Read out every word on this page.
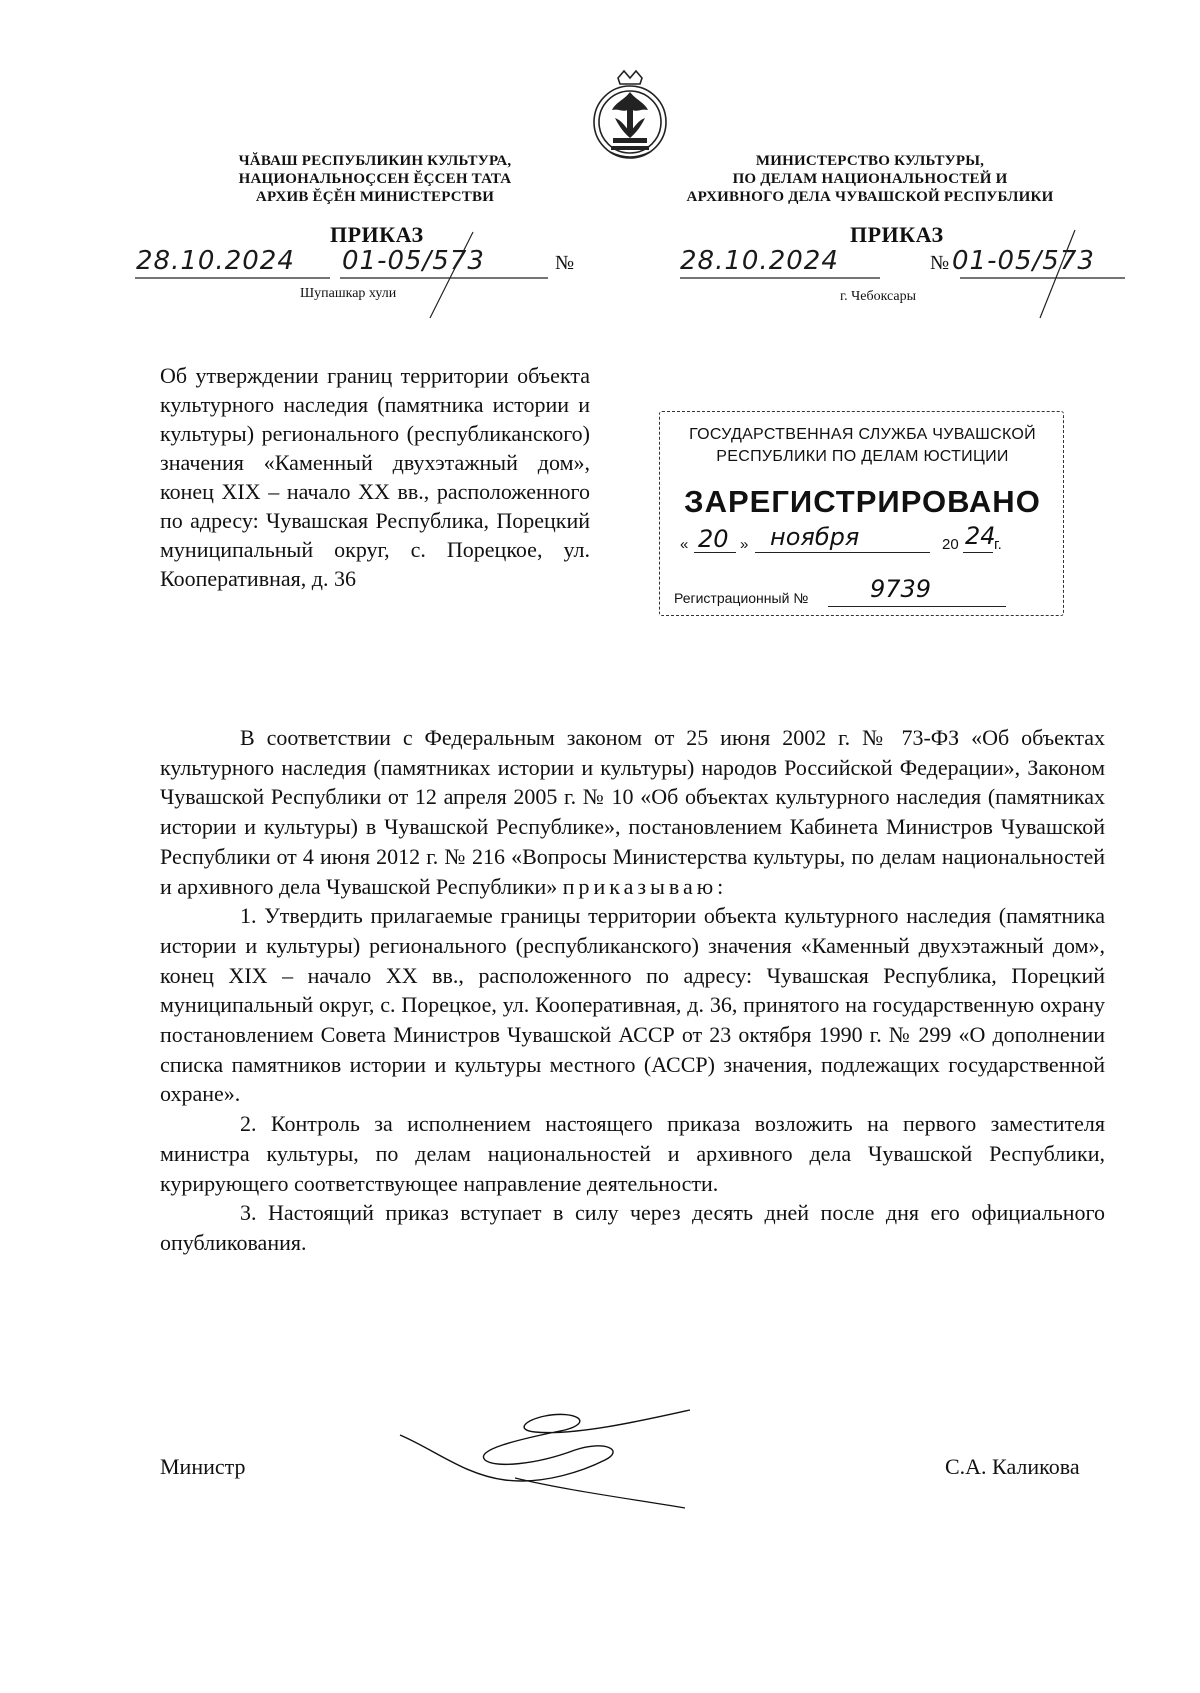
ЧĂВАШ РЕСПУБЛИКИН КУЛЬТУРА,
НАЦИОНАЛЬНОÇСЕН ĔÇСЕН ТАТА
АРХИВ ĔÇĔН МИНИСТЕРСТВИ
МИНИСТЕРСТВО КУЛЬТУРЫ,
ПО ДЕЛАМ НАЦИОНАЛЬНОСТЕЙ И
АРХИВНОГО ДЕЛА ЧУВАШСКОЙ РЕСПУБЛИКИ
ПРИКАЗ	ПРИКАЗ
28.10.2024 01-05/573	№
Шупашкар хули
28.10.2024	№ 01-05/573
г. Чебоксары
Об утверждении границ территории объекта культурного наследия (памятника истории и культуры) регионального (республиканского) значения «Каменный двухэтажный дом», конец XIX – начало XX вв., расположенного по адресу: Чувашская Республика, Порецкий муниципальный округ, с. Порецкое, ул. Кооперативная, д. 36
ГОСУДАРСТВЕННАЯ СЛУЖБА ЧУВАШСКОЙ
РЕСПУБЛИКИ ПО ДЕЛАМ ЮСТИЦИИ
ЗАРЕГИСТРИРОВАНО
« 20 » ноября	20 24
г.
Регистрационный №	9739

В соответствии с Федеральным законом от 25 июня 2002 г. № 73-ФЗ «Об объектах культурного наследия (памятниках истории и культуры) народов Российской Федерации», Законом Чувашской Республики от 12 апреля 2005 г. № 10 «Об объектах культурного наследия (памятниках истории и культуры) в Чувашской Республике», постановлением Кабинета Министров Чувашской Республики от 4 июня 2012 г. № 216 «Вопросы Министерства культуры, по делам национальностей и архивного дела Чувашской Республики» приказываю:

1. Утвердить прилагаемые границы территории объекта культурного наследия (памятника истории и культуры) регионального (республиканского) значения «Каменный двухэтажный дом», конец XIX – начало XX вв., расположенного по адресу: Чувашская Республика, Порецкий муниципальный округ, с. Порецкое, ул. Кооперативная, д. 36, принятого на государственную охрану постановлением Совета Министров Чувашской АССР от 23 октября 1990 г. № 299 «О дополнении списка памятников истории и культуры местного (АССР) значения, подлежащих государственной охране».

2. Контроль за исполнением настоящего приказа возложить на первого заместителя министра культуры, по делам национальностей и архивного дела Чувашской Республики, курирующего соответствующее направление деятельности.

3. Настоящий приказ вступает в силу через десять дней после дня его официального опубликования.

Министр	С.А. Каликова
